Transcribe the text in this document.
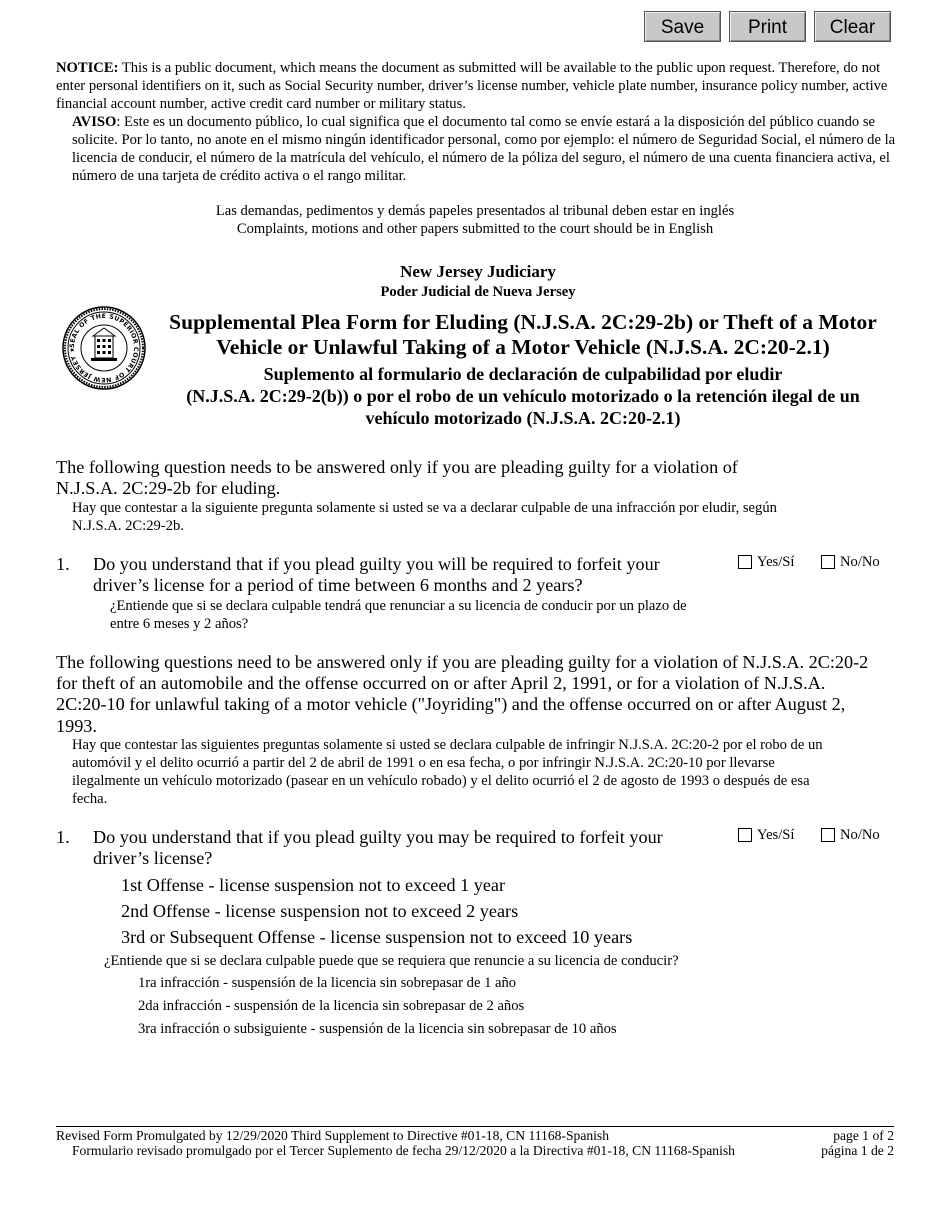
Save	Print	Clear
NOTICE: This is a public document, which means the document as submitted will be available to the public upon request. Therefore, do not enter personal identifiers on it, such as Social Security number, driver’s license number, vehicle plate number, insurance policy number, active financial account number, active credit card number or military status.
AVISO: Este es un documento público, lo cual significa que el documento tal como se envíe estará a la disposición del público cuando se solicite. Por lo tanto, no anote en el mismo ningún identificador personal, como por ejemplo: el número de Seguridad Social, el número de la licencia de conducir, el número de la matrícula del vehículo, el número de la póliza del seguro, el número de una cuenta financiera activa, el número de una tarjeta de crédito activa o el rango militar.
Las demandas, pedimentos y demás papeles presentados al tribunal deben estar en inglés
Complaints, motions and other papers submitted to the court should be in English
New Jersey Judiciary
Poder Judicial de Nueva Jersey
SEAL OF THE SUPERIOR COURT OF NEW JERSEY ★
Supplemental Plea Form for Eluding (N.J.S.A. 2C:29-2b) or Theft of a Motor
Vehicle or Unlawful Taking of a Motor Vehicle (N.J.S.A. 2C:20-2.1)
Suplemento al formulario de declaración de culpabilidad por eludir
(N.J.S.A. 2C:29-2(b)) o por el robo de un vehículo motorizado o la retención ilegal de un
vehículo motorizado (N.J.S.A. 2C:20-2.1)
The following question needs to be answered only if you are pleading guilty for a violation of
N.J.S.A. 2C:29-2b for eluding.
Hay que contestar a la siguiente pregunta solamente si usted se va a declarar culpable de una infracción por eludir, según
N.J.S.A. 2C:29-2b.
1. Do you understand that if you plead guilty you will be required to forfeit your
driver’s license for a period of time between 6 months and 2 years?
¿Entiende que si se declara culpable tendrá que renunciar a su licencia de conducir por un plazo de
entre 6 meses y 2 años?
Yes/Sí	No/No
The following questions need to be answered only if you are pleading guilty for a violation of N.J.S.A. 2C:20-2
for theft of an automobile and the offense occurred on or after April 2, 1991, or for a violation of N.J.S.A.
2C:20-10 for unlawful taking of a motor vehicle ("Joyriding") and the offense occurred on or after August 2,
1993.
Hay que contestar las siguientes preguntas solamente si usted se declara culpable de infringir N.J.S.A. 2C:20-2 por el robo de un
automóvil y el delito ocurrió a partir del 2 de abril de 1991 o en esa fecha, o por infringir N.J.S.A. 2C:20-10 por llevarse
ilegalmente un vehículo motorizado (pasear en un vehículo robado) y el delito ocurrió el 2 de agosto de 1993 o después de esa
fecha.
1. Do you understand that if you plead guilty you may be required to forfeit your
driver’s license?
Yes/Sí	No/No
1st Offense - license suspension not to exceed 1 year
2nd Offense - license suspension not to exceed 2 years
3rd or Subsequent Offense - license suspension not to exceed 10 years
¿Entiende que si se declara culpable puede que se requiera que renuncie a su licencia de conducir?
1ra infracción - suspensión de la licencia sin sobrepasar de 1 año
2da infracción - suspensión de la licencia sin sobrepasar de 2 años
3ra infracción o subsiguiente - suspensión de la licencia sin sobrepasar de 10 años
Revised Form Promulgated by 12/29/2020 Third Supplement to Directive #01-18, CN 11168-Spanish
Formulario revisado promulgado por el Tercer Suplemento de fecha 29/12/2020 a la Directiva #01-18, CN 11168-Spanish
page 1 of 2
página 1 de 2
